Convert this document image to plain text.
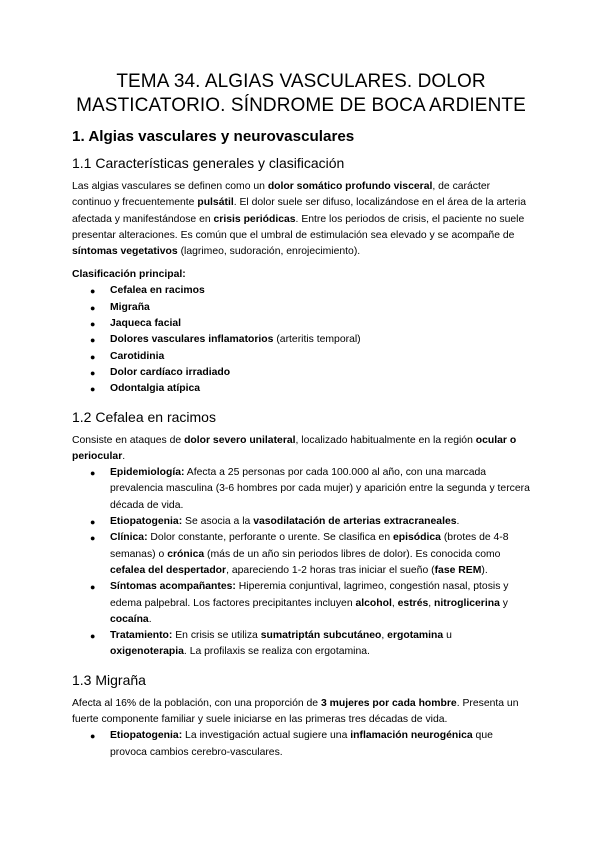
TEMA 34. ALGIAS VASCULARES. DOLOR MASTICATORIO. SÍNDROME DE BOCA ARDIENTE
1. Algias vasculares y neurovasculares
1.1 Características generales y clasificación

Las algias vasculares se definen como un dolor somático profundo visceral, de carácter continuo y frecuentemente pulsátil. El dolor suele ser difuso, localizándose en el área de la arteria afectada y manifestándose en crisis periódicas. Entre los periodos de crisis, el paciente no suele presentar alteraciones. Es común que el umbral de estimulación sea elevado y se acompañe de síntomas vegetativos (lagrimeo, sudoración, enrojecimiento).

Clasificación principal:
● Cefalea en racimos
● Migraña
● Jaqueca facial
● Dolores vasculares inflamatorios (arteritis temporal)
● Carotidinia
● Dolor cardíaco irradiado
● Odontalgia atípica
1.2 Cefalea en racimos

Consiste en ataques de dolor severo unilateral, localizado habitualmente en la región ocular o periocular.

● Epidemiología: Afecta a 25 personas por cada 100.000 al año, con una marcada prevalencia masculina (3-6 hombres por cada mujer) y aparición entre la segunda y tercera década de vida.
● Etiopatogenia: Se asocia a la vasodilatación de arterias extracraneales.
● Clínica: Dolor constante, perforante o urente. Se clasifica en episódica (brotes de 4-8 semanas) o crónica (más de un año sin periodos libres de dolor). Es conocida como cefalea del despertador, apareciendo 1-2 horas tras iniciar el sueño (fase REM).
● Síntomas acompañantes: Hiperemia conjuntival, lagrimeo, congestión nasal, ptosis y edema palpebral. Los factores precipitantes incluyen alcohol, estrés, nitroglicerina y cocaína.
● Tratamiento: En crisis se utiliza sumatriptán subcutáneo, ergotamina u oxigenoterapia. La profilaxis se realiza con ergotamina.
1.3 Migraña

Afecta al 16% de la población, con una proporción de 3 mujeres por cada hombre. Presenta un fuerte componente familiar y suele iniciarse en las primeras tres décadas de vida.

● Etiopatogenia: La investigación actual sugiere una inflamación neurogénica que provoca cambios cerebro-vasculares.
